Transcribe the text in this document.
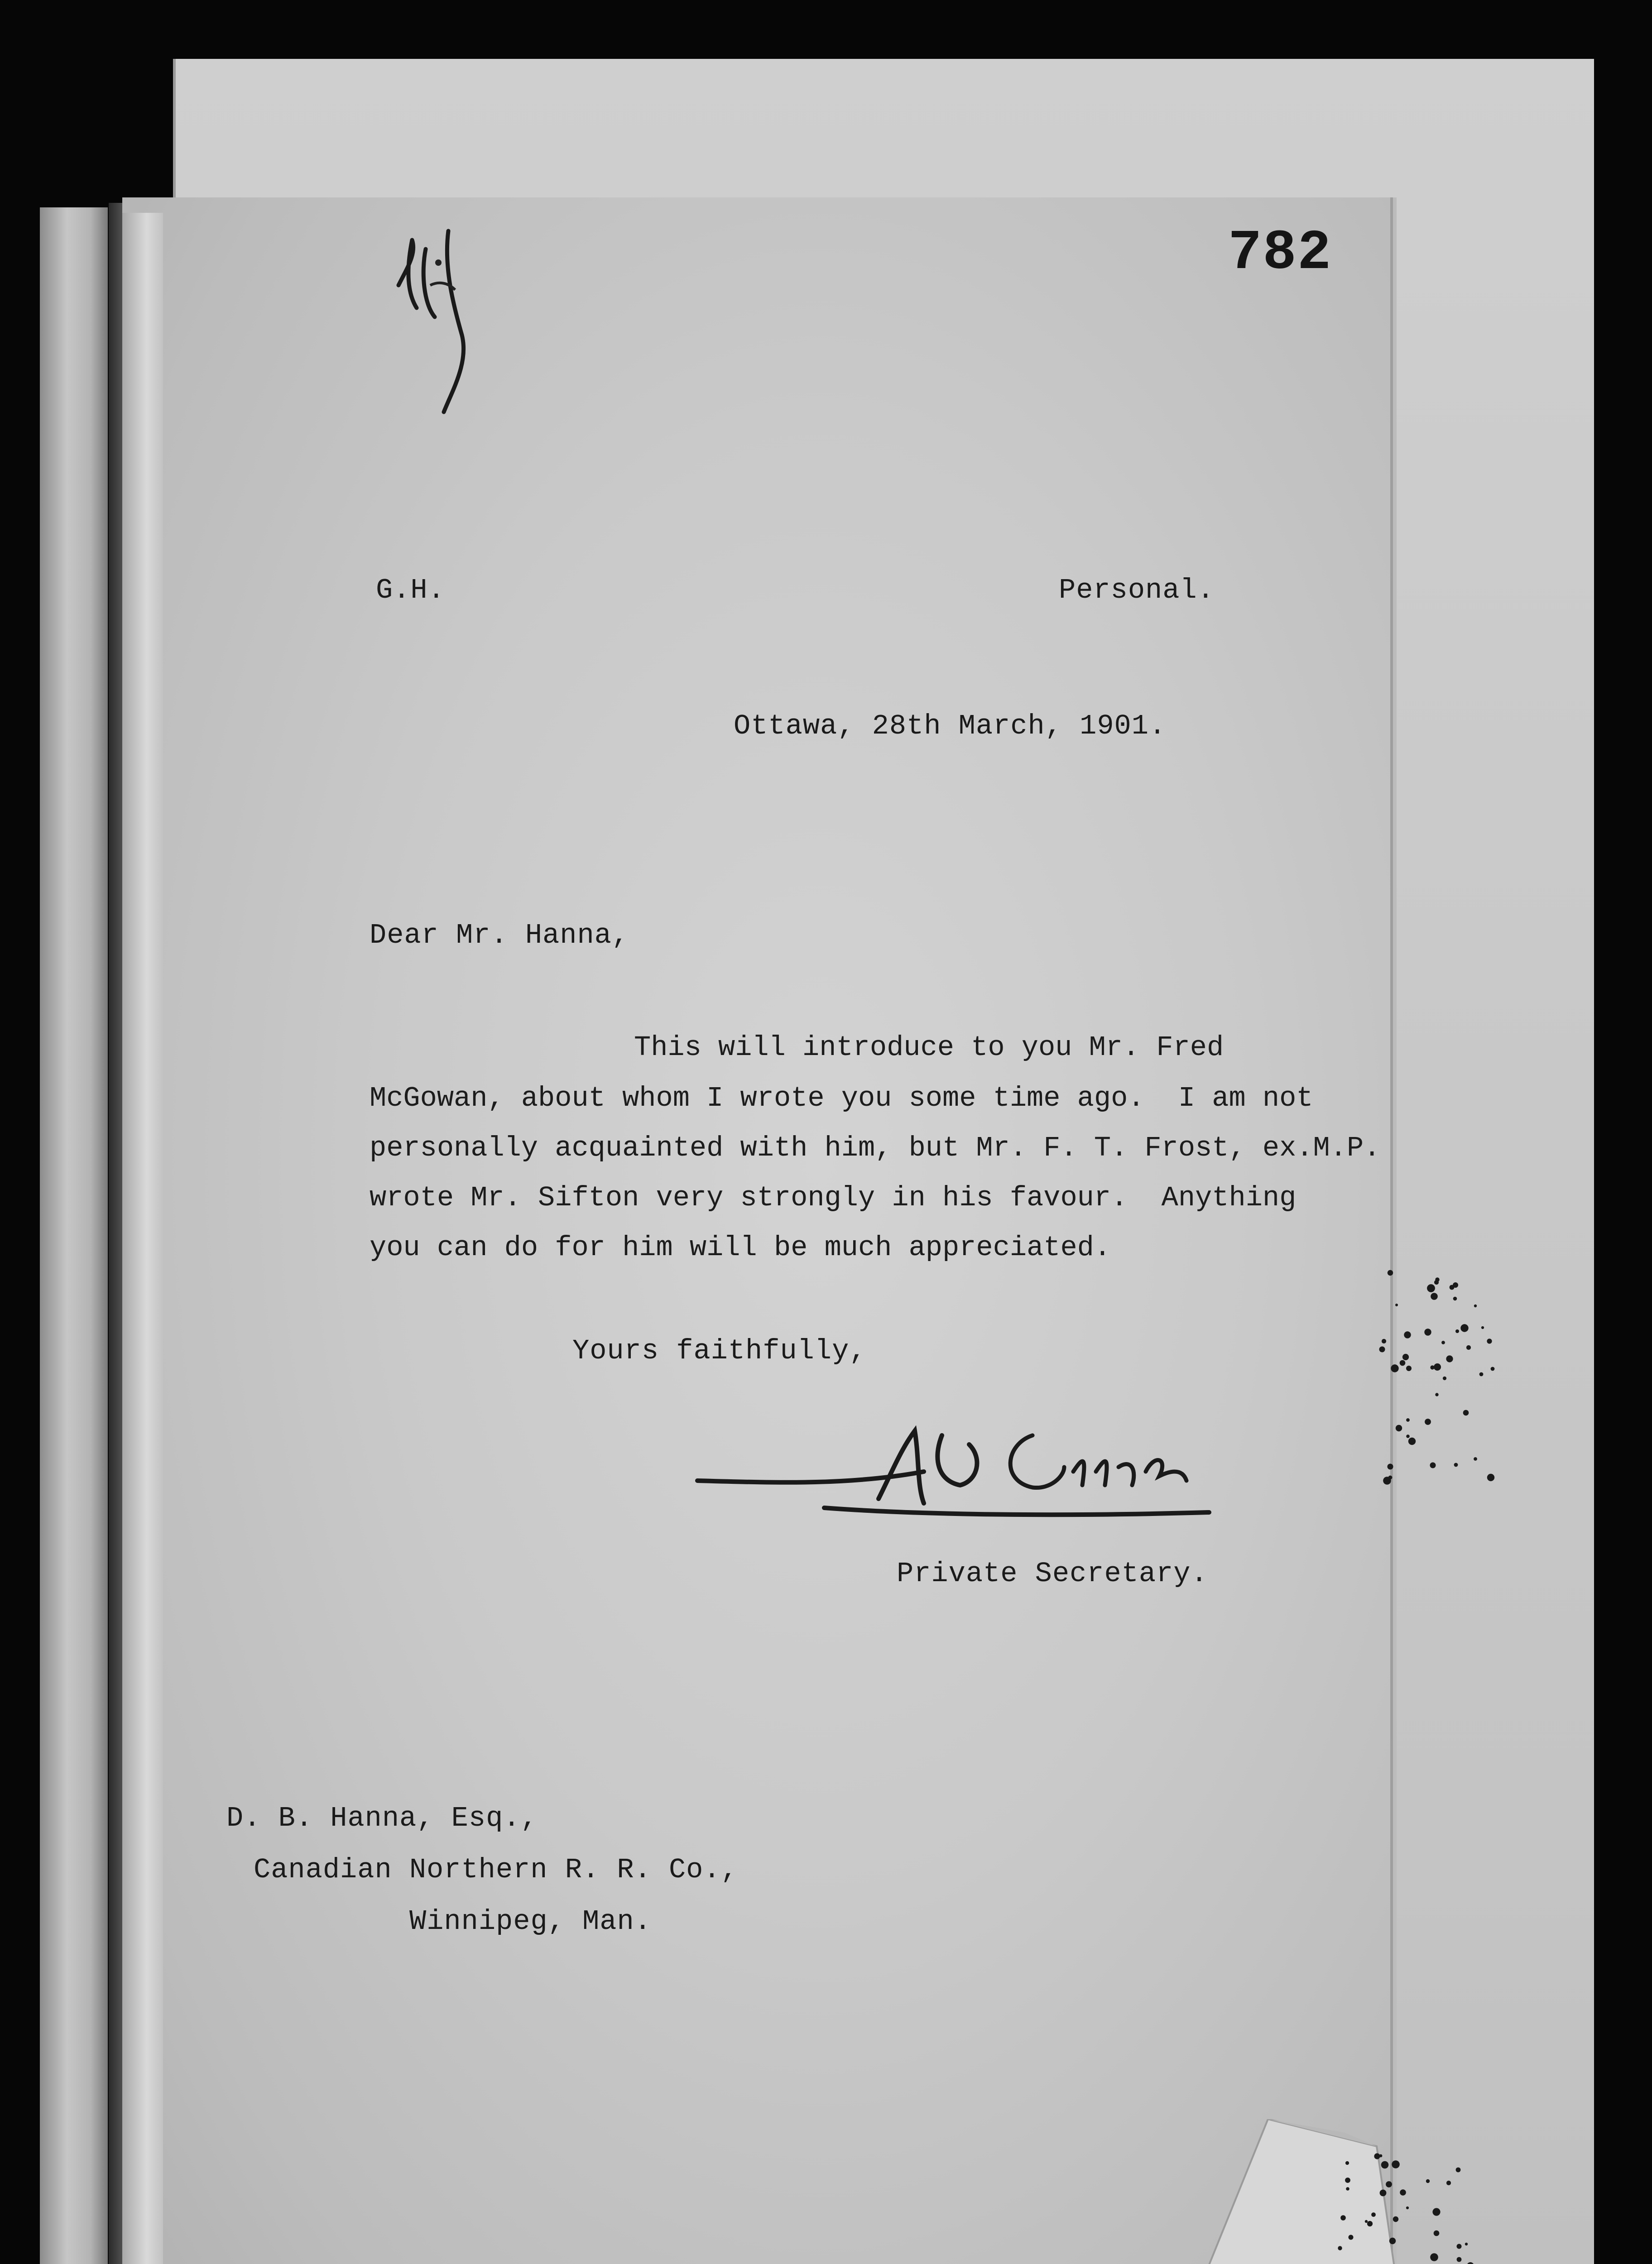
782
G.H.	Personal.
Ottawa, 28th March, 1901.
Dear Mr. Hanna,
This will introduce to you Mr. Fred
McGowan, about whom I wrote you some time ago.  I am not
personally acquainted with him, but Mr. F. T. Frost, ex.M.P.
wrote Mr. Sifton very strongly in his favour.  Anything
you can do for him will be much appreciated.
Yours faithfully,
Private Secretary.
D. B. Hanna, Esq.,
Canadian Northern R. R. Co.,
Winnipeg, Man.
